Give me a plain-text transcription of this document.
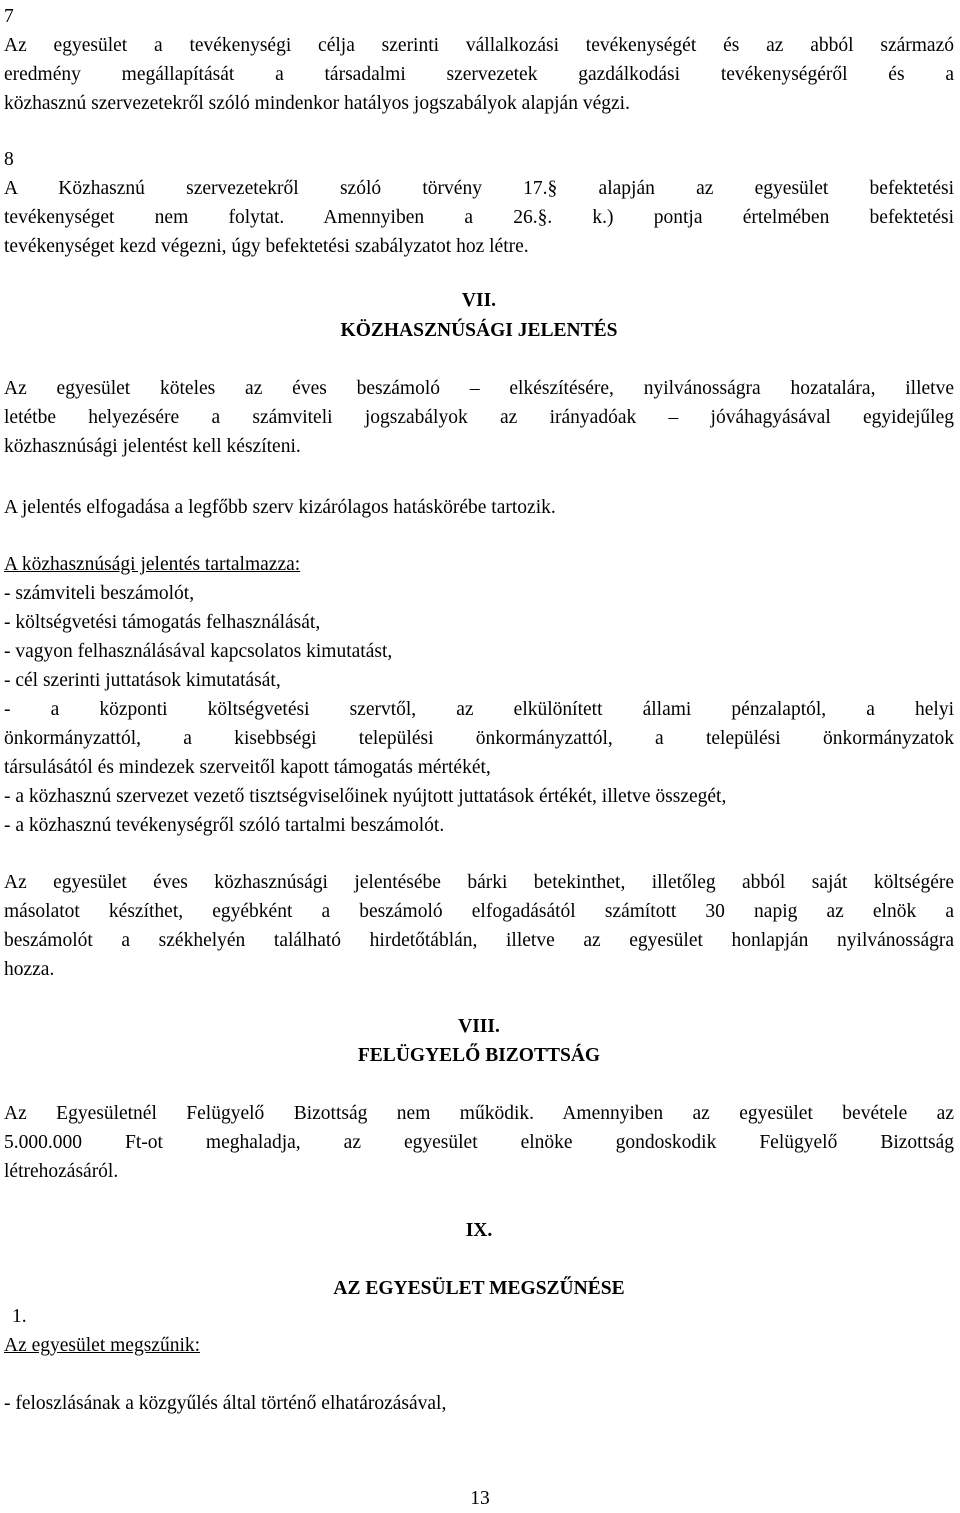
7

Az egyesület a tevékenységi célja szerinti vállalkozási tevékenységét és az abból származó
eredmény megállapítását a társadalmi szervezetek gazdálkodási tevékenységéről és a
közhasznú szervezetekről szóló mindenkor hatályos jogszabályok alapján végzi.

8

A Közhasznú szervezetekről szóló törvény 17.§ alapján az egyesület befektetési
tevékenységet nem folytat. Amennyiben a 26.§. k.) pontja értelmében befektetési
tevékenységet kezd végezni, úgy befektetési szabályzatot hoz létre.

VII.

KÖZHASZNÚSÁGI JELENTÉS

Az egyesület köteles az éves beszámoló – elkészítésére, nyilvánosságra hozatalára, illetve
letétbe helyezésére a számviteli jogszabályok az irányadóak – jóváhagyásával egyidejűleg
közhasznúsági jelentést kell készíteni.

A jelentés elfogadása a legfőbb szerv kizárólagos hatáskörébe tartozik.

A közhasznúsági jelentés tartalmazza:

- számviteli beszámolót,
- költségvetési támogatás felhasználását,
- vagyon felhasználásával kapcsolatos kimutatást,
- cél szerinti juttatások kimutatását,
- a központi költségvetési szervtől, az elkülönített állami pénzalaptól, a helyi
önkormányzattól, a kisebbségi települési önkormányzattól, a települési önkormányzatok
társulásától és mindezek szerveitől kapott támogatás mértékét,
- a közhasznú szervezet vezető tisztségviselőinek nyújtott juttatások értékét, illetve összegét,
- a közhasznú tevékenységről szóló tartalmi beszámolót.
Az egyesület éves közhasznúsági jelentésébe bárki betekinthet, illetőleg abból saját költségére
másolatot készíthet, egyébként a beszámoló elfogadásától számított 30 napig az elnök a
beszámolót a székhelyén található hirdetőtáblán, illetve az egyesület honlapján nyilvánosságra
hozza.

VIII.

FELÜGYELŐ BIZOTTSÁG

Az Egyesületnél Felügyelő Bizottság nem működik. Amennyiben az egyesület bevétele az
5.000.000 Ft-ot meghaladja, az egyesület elnöke gondoskodik Felügyelő Bizottság
létrehozásáról.

IX.

AZ EGYESÜLET MEGSZŰNÉSE

1.

Az egyesület megszűnik:

- feloszlásának a közgyűlés által történő elhatározásával,

13
